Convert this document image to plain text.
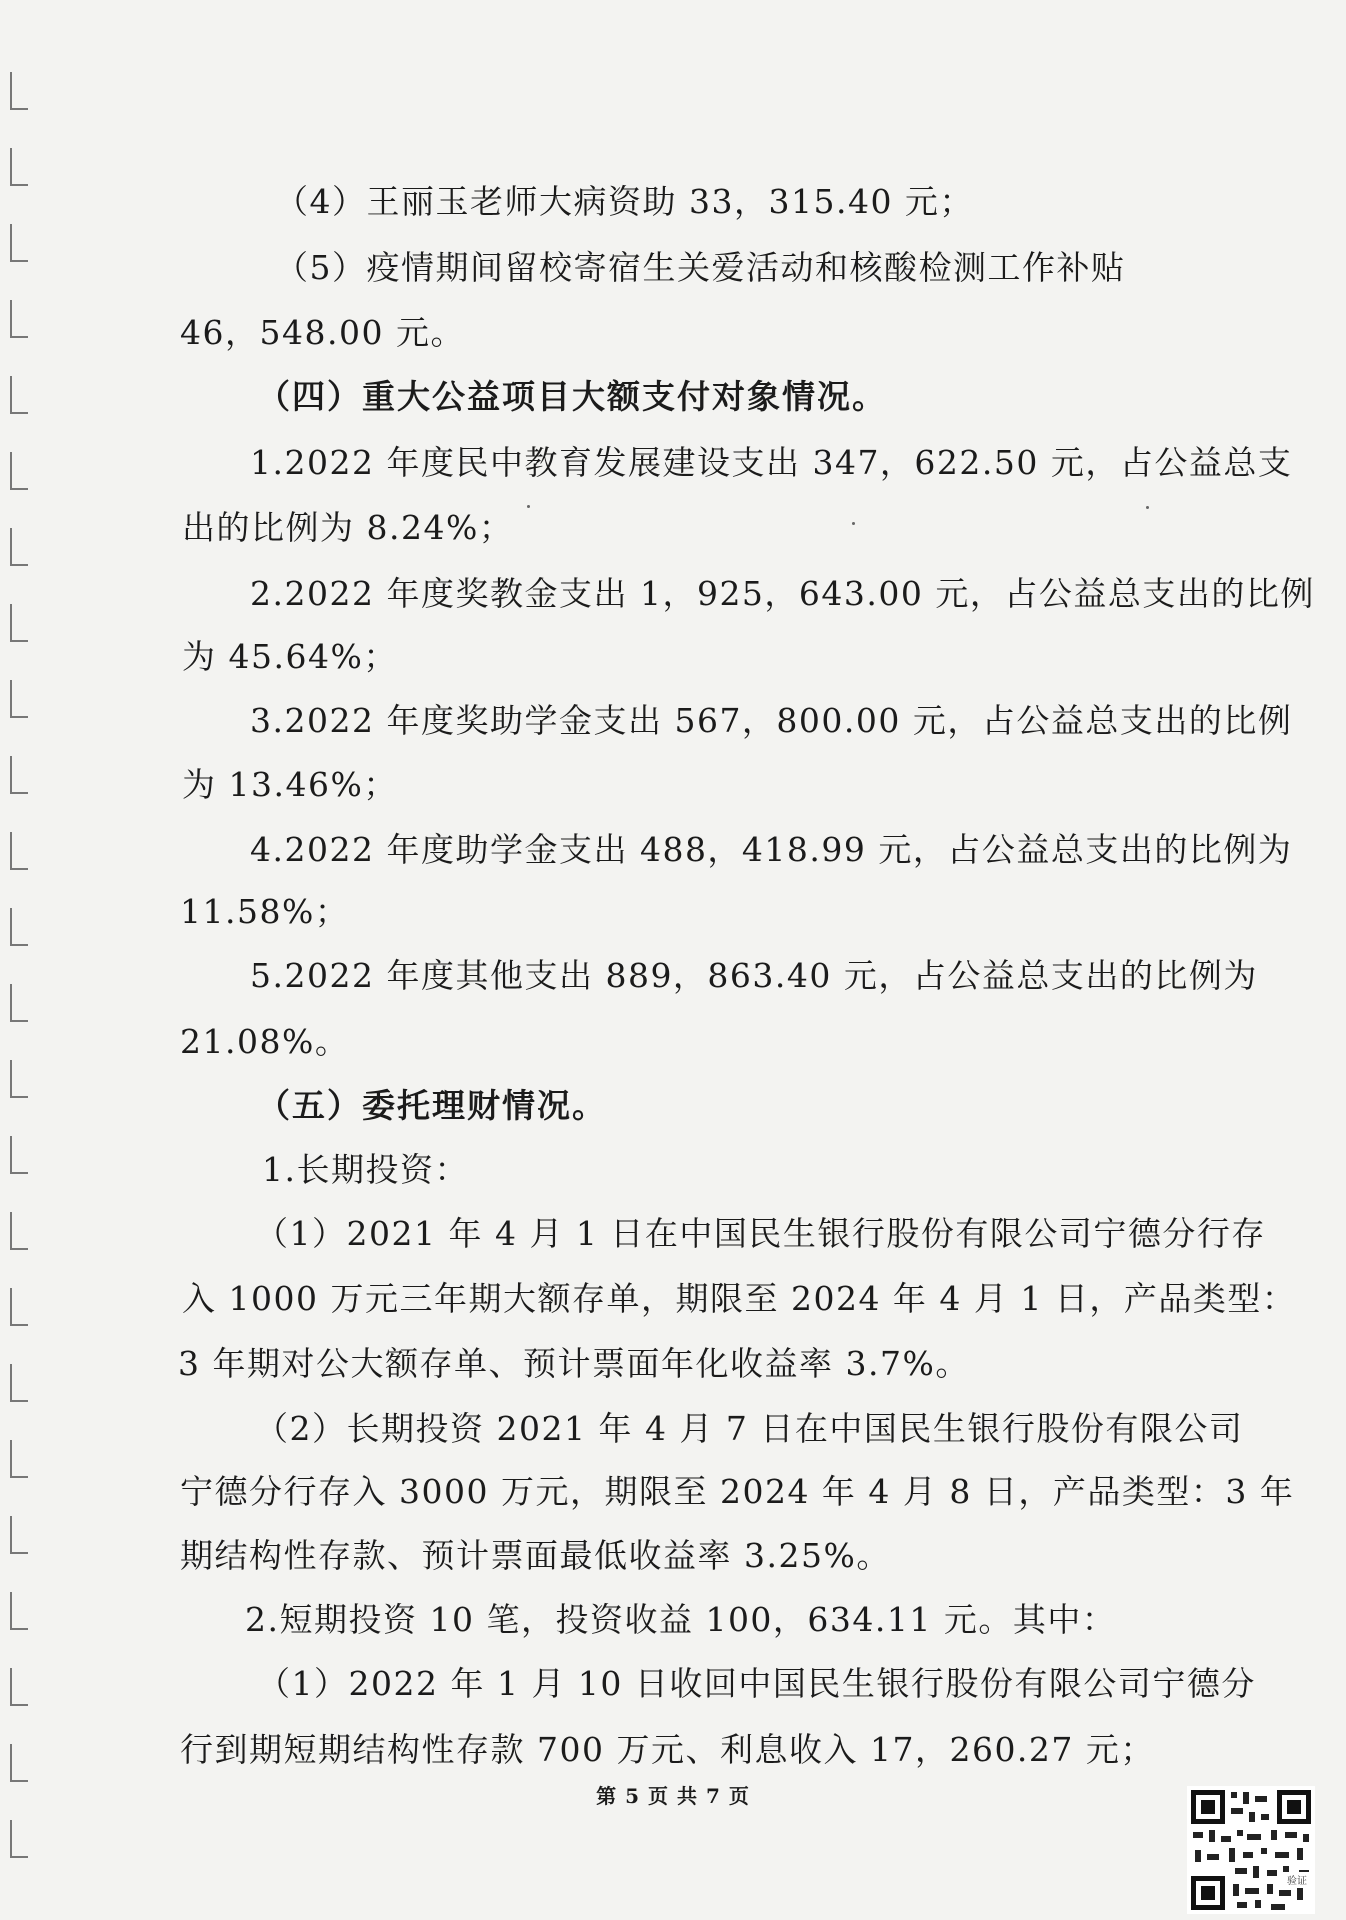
（4）王丽玉老师大病资助 33，315.40 元；

（5）疫情期间留校寄宿生关爱活动和核酸检测工作补贴

46，548.00 元。

（四）重大公益项目大额支付对象情况。

1.2022 年度民中教育发展建设支出 347，622.50 元，占公益总支

出的比例为 8.24%；

2.2022 年度奖教金支出 1，925，643.00 元，占公益总支出的比例

为 45.64%；

3.2022 年度奖助学金支出 567，800.00 元，占公益总支出的比例

为 13.46%；

4.2022 年度助学金支出 488，418.99 元，占公益总支出的比例为

11.58%；

5.2022 年度其他支出 889，863.40 元，占公益总支出的比例为

21.08%。

（五）委托理财情况。

1.长期投资：

（1）2021 年 4 月 1 日在中国民生银行股份有限公司宁德分行存

入 1000 万元三年期大额存单，期限至 2024 年 4 月 1 日，产品类型：

3 年期对公大额存单、预计票面年化收益率 3.7%。

（2）长期投资 2021 年 4 月 7 日在中国民生银行股份有限公司

宁德分行存入 3000 万元，期限至 2024 年 4 月 8 日，产品类型：3 年

期结构性存款、预计票面最低收益率 3.25%。

2.短期投资 10 笔，投资收益 100，634.11 元。其中：

（1）2022 年 1 月 10 日收回中国民生银行股份有限公司宁德分

行到期短期结构性存款 700 万元、利息收入 17，260.27 元；

第 5 页 共 7 页
验证
